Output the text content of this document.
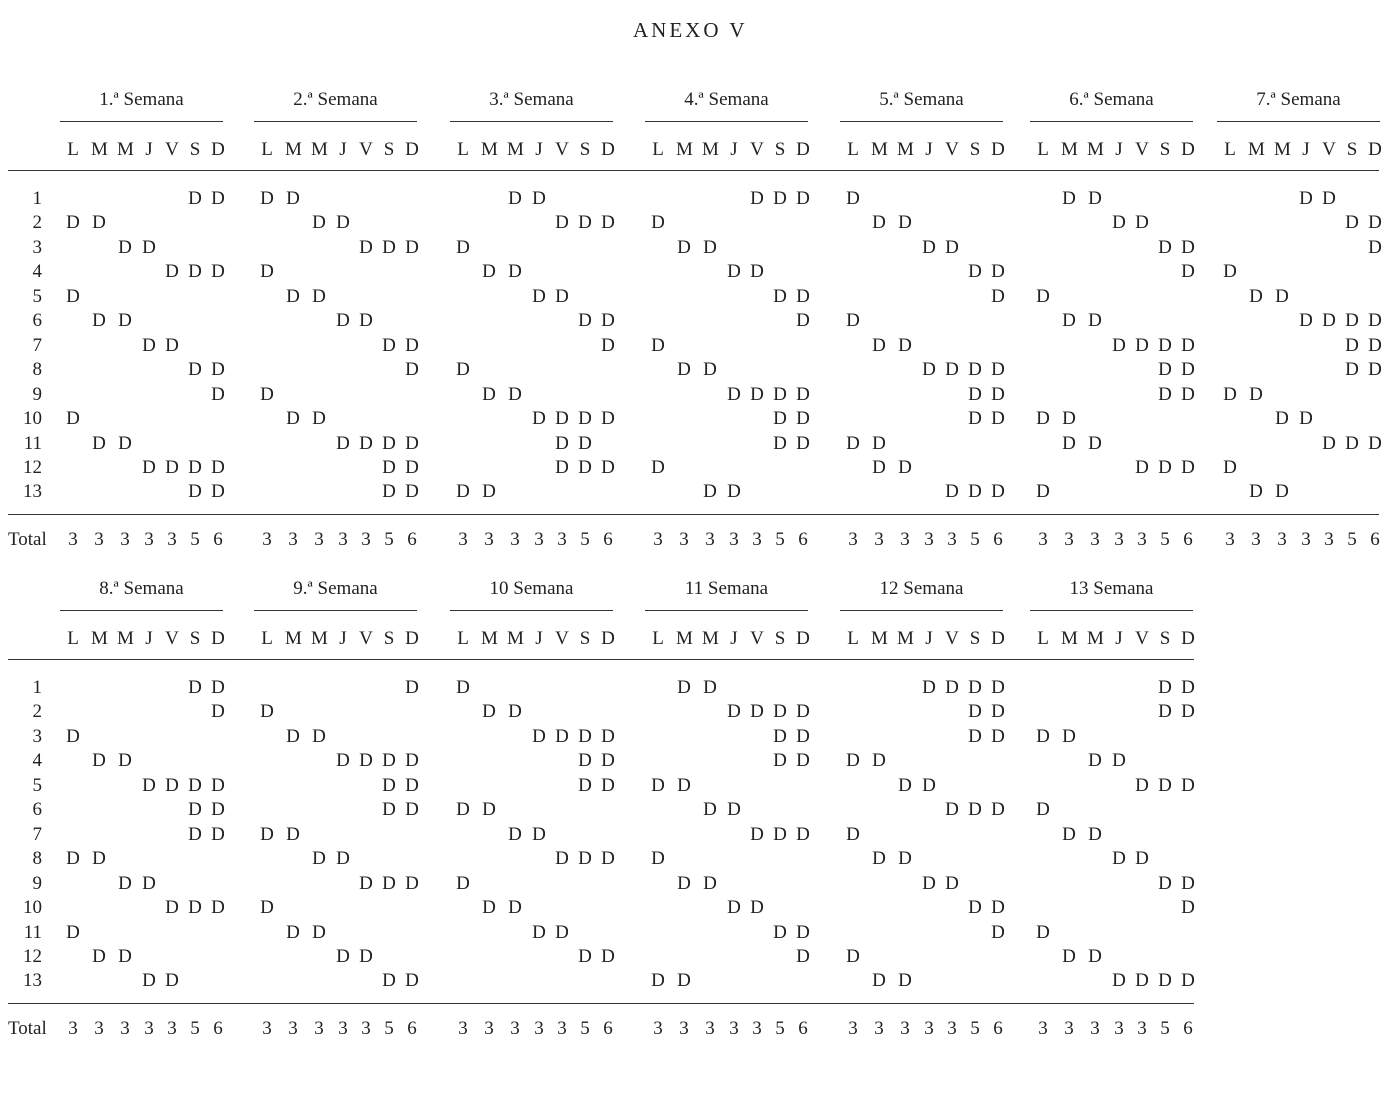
ANEXO V
1
2
3
4
5
6
7
8
9
10
11
12
13
Total
1.ª Semana
L M M J V S D
D D
D D
D D
D D D
D
D D
D D
D D
D
D
D D
D D D D
D D
3 3 3 3 3 5 6
2.ª Semana
L M M J V S D
D D
D D
D D D
D
D D
D D
D D
D
D
D D
D D D D
D D
D D
3 3 3 3 3 5 6
3.ª Semana
L M M J V S D
D D
D D D
D
D D
D D
D D
D
D
D D
D D D D
D D
D D D
D D
3 3 3 3 3 5 6
4.ª Semana
L M M J V S D
D D D
D
D D
D D
D D
D
D
D D
D D D D
D D
D D
D
D D
3 3 3 3 3 5 6
5.ª Semana
L M M J V S D
D
D D
D D
D D
D
D
D D
D D D D
D D
D D
D D
D D
D D D
3 3 3 3 3 5 6
6.ª Semana
L M M J V S D
D D
D D
D D
D
D
D D
D D D D
D D
D D
D D
D D
D D D
D
3 3 3 3 3 5 6
7.ª Semana
L M M J V S D
D D
D D
D
D
D D
D D D D
D D
D D
D D
D D
D D D
D
D D
3 3 3 3 3 5 6
1
2
3
4
5
6
7
8
9
10
11
12
13
Total
8.ª Semana
L M M J V S D
D D
D
D
D D
D D D D
D D
D D
D D
D D
D D D
D
D D
D D
3 3 3 3 3 5 6
9.ª Semana
L M M J V S D
D
D
D D
D D D D
D D
D D
D D
D D
D D D
D
D D
D D
D D
3 3 3 3 3 5 6
10 Semana
L M M J V S D
D
D D
D D D D
D D
D D
D D
D D
D D D
D
D D
D D
D D
3 3 3 3 3 5 6
11 Semana
L M M J V S D
D D
D D D D
D D
D D
D D
D D
D D D
D
D D
D D
D D
D
D D
3 3 3 3 3 5 6
12 Semana
L M M J V S D
D D D D
D D
D D
D D
D D
D D D
D
D D
D D
D D
D
D
D D
3 3 3 3 3 5 6
13 Semana
L M M J V S D
D D
D D
D D
D D
D D D
D
D D
D D
D D
D
D
D D
D D D D
3 3 3 3 3 5 6
